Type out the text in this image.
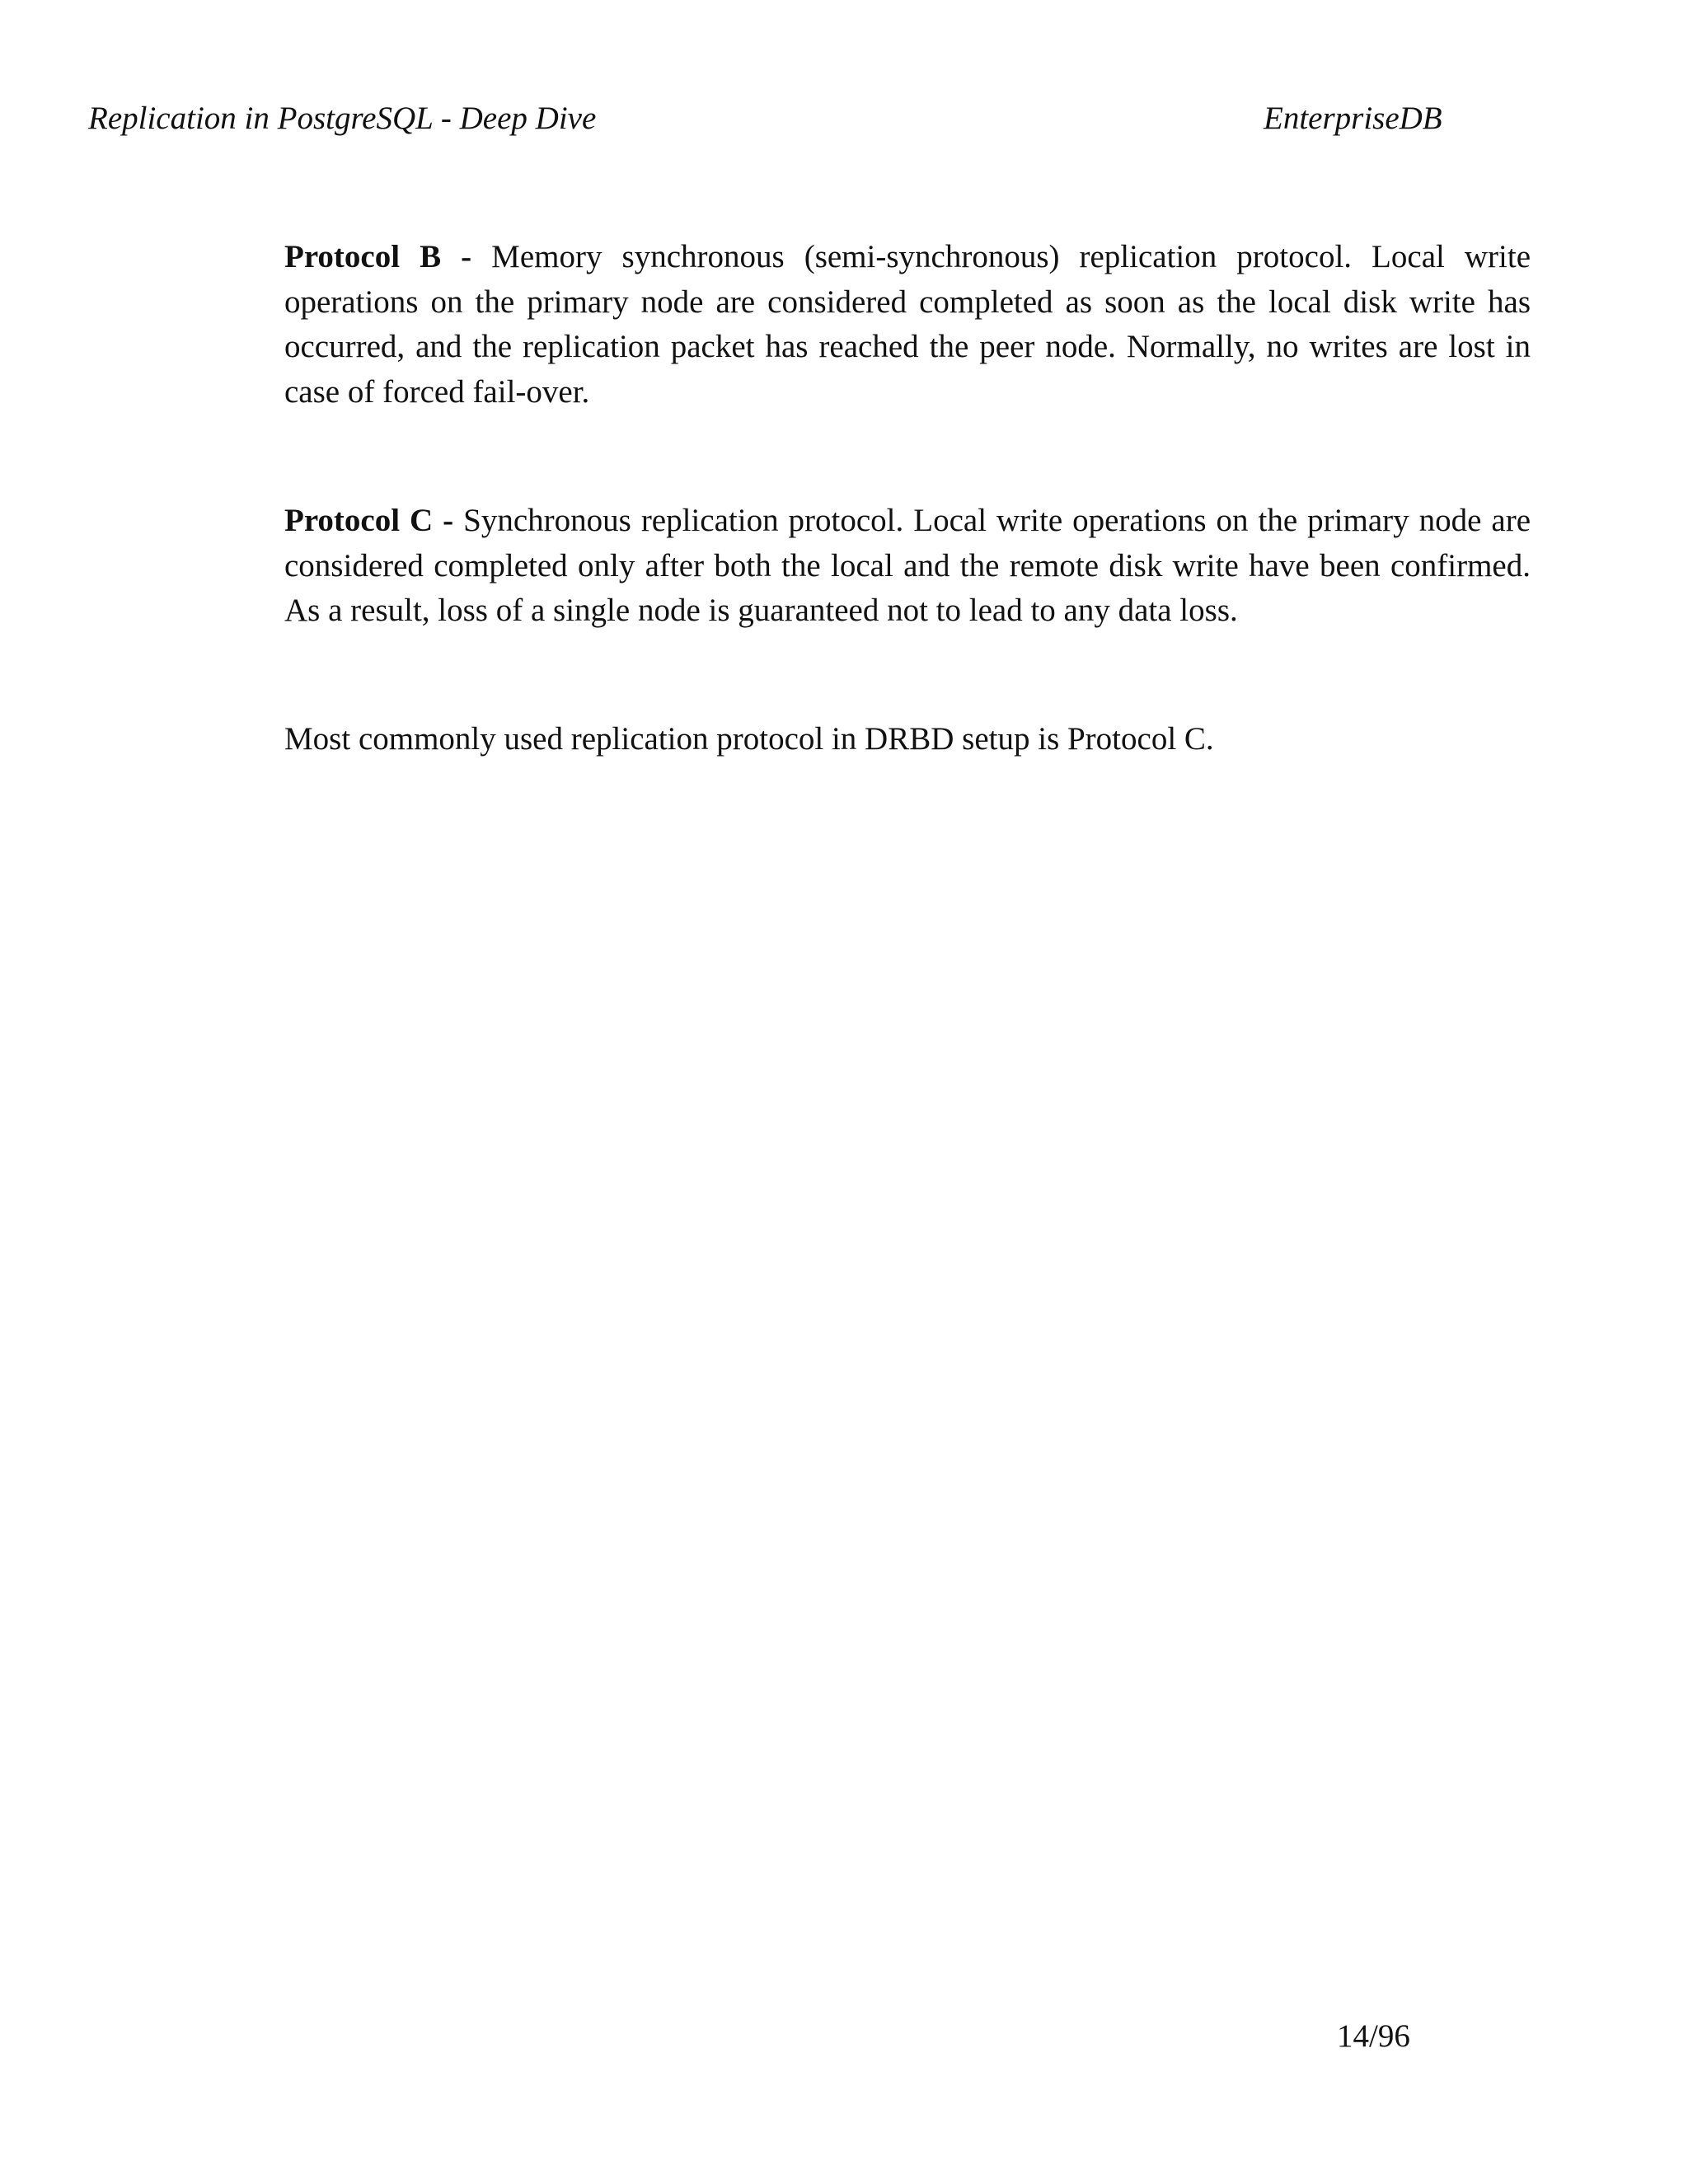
Replication in PostgreSQL - Deep Dive	EnterpriseDB

Protocol B - Memory synchronous (semi-synchronous) replication protocol. Local write operations on the primary node are considered completed as soon as the local disk write has occurred, and the replication packet has reached the peer node. Normally, no writes are lost in case of forced fail-over.

Protocol C - Synchronous replication protocol. Local write operations on the primary node are considered completed only after both the local and the remote disk write have been confirmed. As a result, loss of a single node is guaranteed not to lead to any data loss.

Most commonly used replication protocol in DRBD setup is Protocol C.

14/96
